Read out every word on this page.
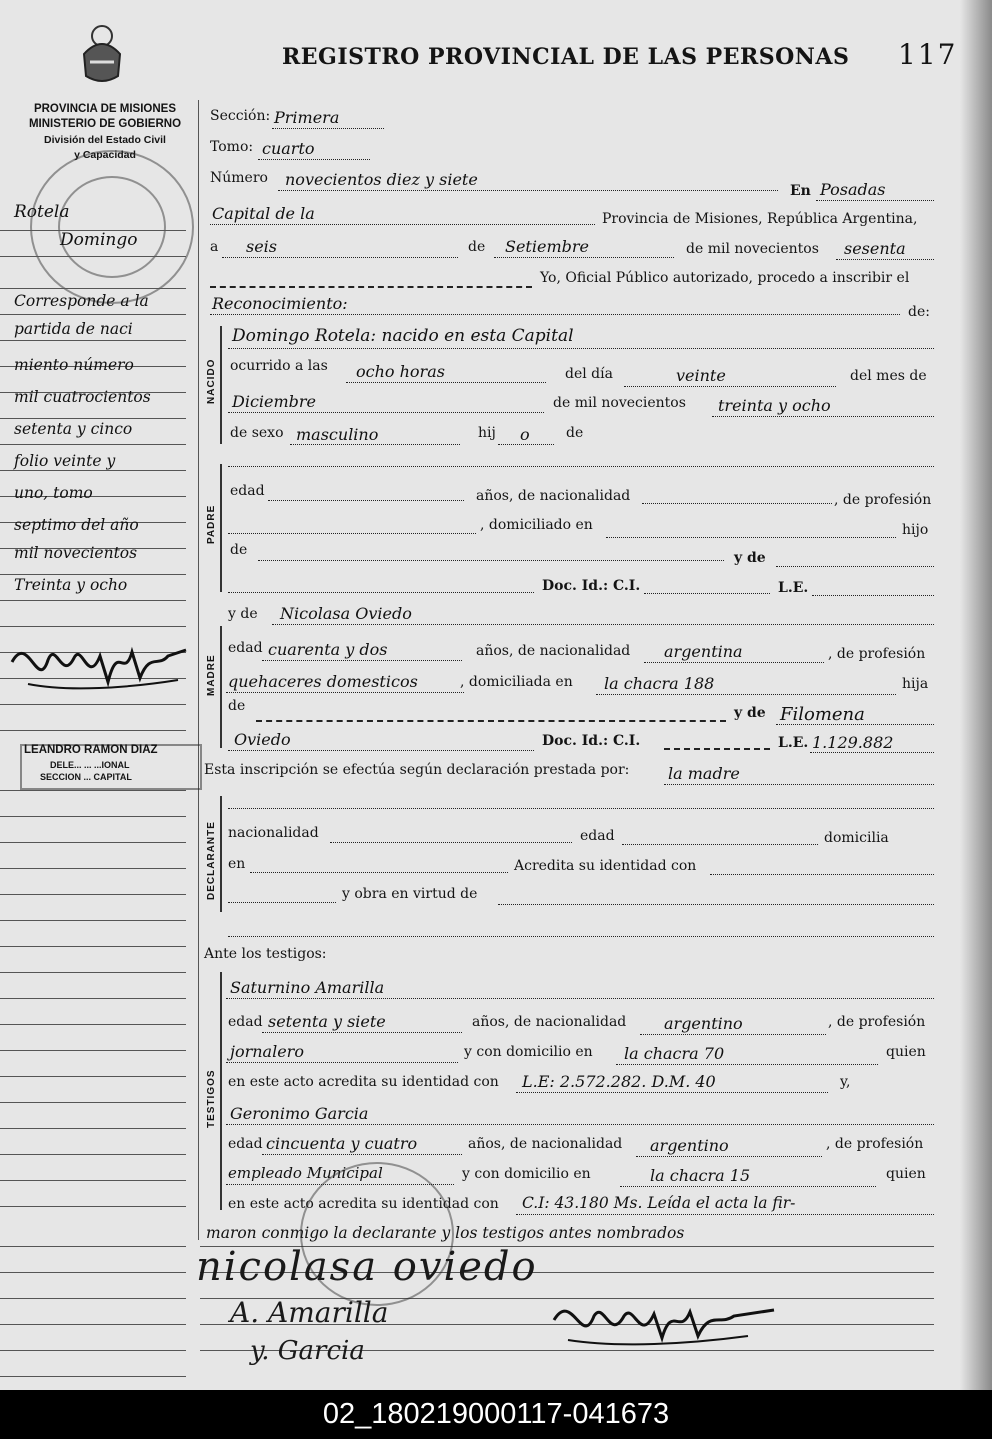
REGISTRO PROVINCIAL DE LAS PERSONAS 117
PROVINCIA DE MISIONES
MINISTERIO DE GOBIERNO
División del Estado Civil
y Capacidad
Rotela
Domingo
Corresponde a la
partida de naci
miento número
mil cuatrocientos
setenta y cinco
folio veinte y
uno, tomo
septimo del año
mil novecientos
Treinta y ocho
LEANDRO RAMON DIAZ
DELE... ... ...IONAL
SECCION ... CAPITAL
Sección: Primera
Tomo: cuarto
Número novecientos diez y siete
En Posadas
Capital de la	Provincia de Misiones, República Argentina,
a seis	de Setiembre	de mil novecientos sesenta
Yo, Oficial Público autorizado, procedo a inscribir el
Reconocimiento:	de:
NACIDO
Domingo Rotela: nacido en esta Capital
ocurrido a las ocho horas	del día	veinte	del mes de
Diciembre	de mil novecientos treinta y ocho
de sexo masculino	hij o	de
PADRE
edad	años, de nacionalidad	, de profesión
, domiciliado en	hijo
de	y de
Doc. Id.: C.I.	L.E.
MADRE
y de Nicolasa Oviedo
edad cuarenta y dos	años, de nacionalidad argentina	, de profesión
quehaceres domesticos	, domiciliada en la chacra 188	hija
de	y de Filomena
Oviedo	Doc. Id.: C.I.	L.E. 1.129.882
Esta inscripción se efectúa según declaración prestada por: la madre
DECLARANTE nacionalidad	edad	domicilia
en	Acredita su identidad con
y obra en virtud de
Ante los testigos:
TESTIGOS
Saturnino Amarilla
edad setenta y siete	años, de nacionalidad argentino	, de profesión
jornalero	y con domicilio en la chacra 70	quien
en este acto acredita su identidad con L.E: 2.572.282. D.M. 40	y,
Geronimo Garcia
edad cincuenta y cuatro	años, de nacionalidad argentino	, de profesión
empleado Municipal	y con domicilio en	la chacra 15	quien
en este acto acredita su identidad con C.I: 43.180 Ms. Leída el acta la fir-
maron conmigo la declarante y los testigos antes nombrados
nicolasa oviedo
A. Amarilla
y. Garcia
02_180219000117-041673
